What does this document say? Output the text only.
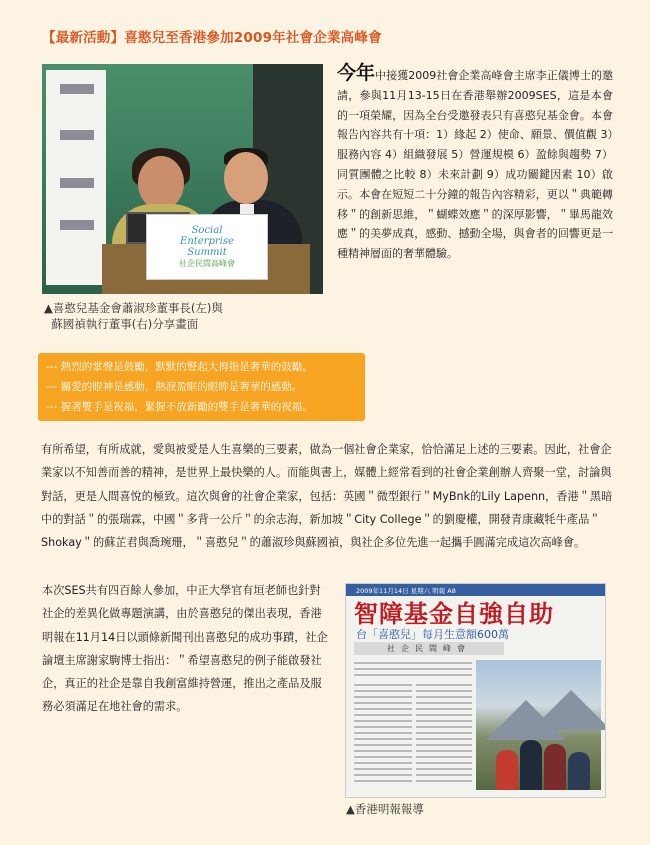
【最新活動】喜憨兒至香港參加2009年社會企業高峰會
Social
Enterprise
Summit
社企民間高峰會
▲喜憨兒基金會蕭淑珍董事長(左)與
蘇國禎執行董事(右)分享畫面
今年中接獲2009社會企業高峰會主席李正儀博士的邀請，參與11月13-15日在香港舉辦2009SES，這是本會的一項榮耀，因為全台受邀發表只有喜憨兒基金會。本會報告內容共有十項：1）緣起 2）使命、願景、價值觀 3）服務內容 4）組織發展 5）營運規模 6）盈餘與趨勢 7）同質團體之比較 8）未來計劃 9）成功關鍵因素 10）啟示。本會在短短二十分鐘的報告內容精彩，更以＂典範轉移＂的創新思維，＂蝴蝶效應＂的深厚影響，＂畢馬龍效應＂的美夢成真，感動、撼動全場，與會者的回響更是一種精神層面的奢華體驗。
--- 熱烈的掌聲是鼓勵，默默的豎起大拇指是奢華的鼓勵。
--- 關愛的眼神是感動，熱淚盈眶的眼眸是奢華的感動。
--- 握著雙手是祝福，緊握不放新勵的雙手是奢華的祝福。
有所希望，有所成就，愛與被愛是人生喜樂的三要素，做為一個社會企業家，恰恰滿足上述的三要素。因此，社會企業家以不知善而善的精神，是世界上最快樂的人。而能與書上，媒體上經常看到的社會企業創辦人齊聚一堂，討論與對話，更是人間喜悅的極致。這次與會的社會企業家，包括：英國＂微型銀行＂MyBnk的Lily Lapenn，香港＂黑暗中的對話＂的張瑞霖，中國＂多背一公斤＂的余志海，新加坡＂City College＂的劉慶權，開發青康藏牦牛產品＂Shokay＂的蘇芷君與喬琬珊，＂喜憨兒＂的蕭淑珍與蘇國禎，與社企多位先進一起攜手圓滿完成這次高峰會。
本次SES共有四百餘人參加，中正大學官有垣老師也針對社企的差異化做專題演講，由於喜憨兒的傑出表現，香港明報在11月14日以頭條新聞刊出喜憨兒的成功事蹟，社企論壇主席謝家駒博士指出：＂希望喜憨兒的例子能啟發社企，真正的社企是靠自我創富維持營運，推出之產品及服務必須滿足在地社會的需求。
2009年11月14日 星期六 明報 A8
智障基金自強自助
台「喜憨兒」每月生意額600萬
社企民間峰會
▲香港明報報導
